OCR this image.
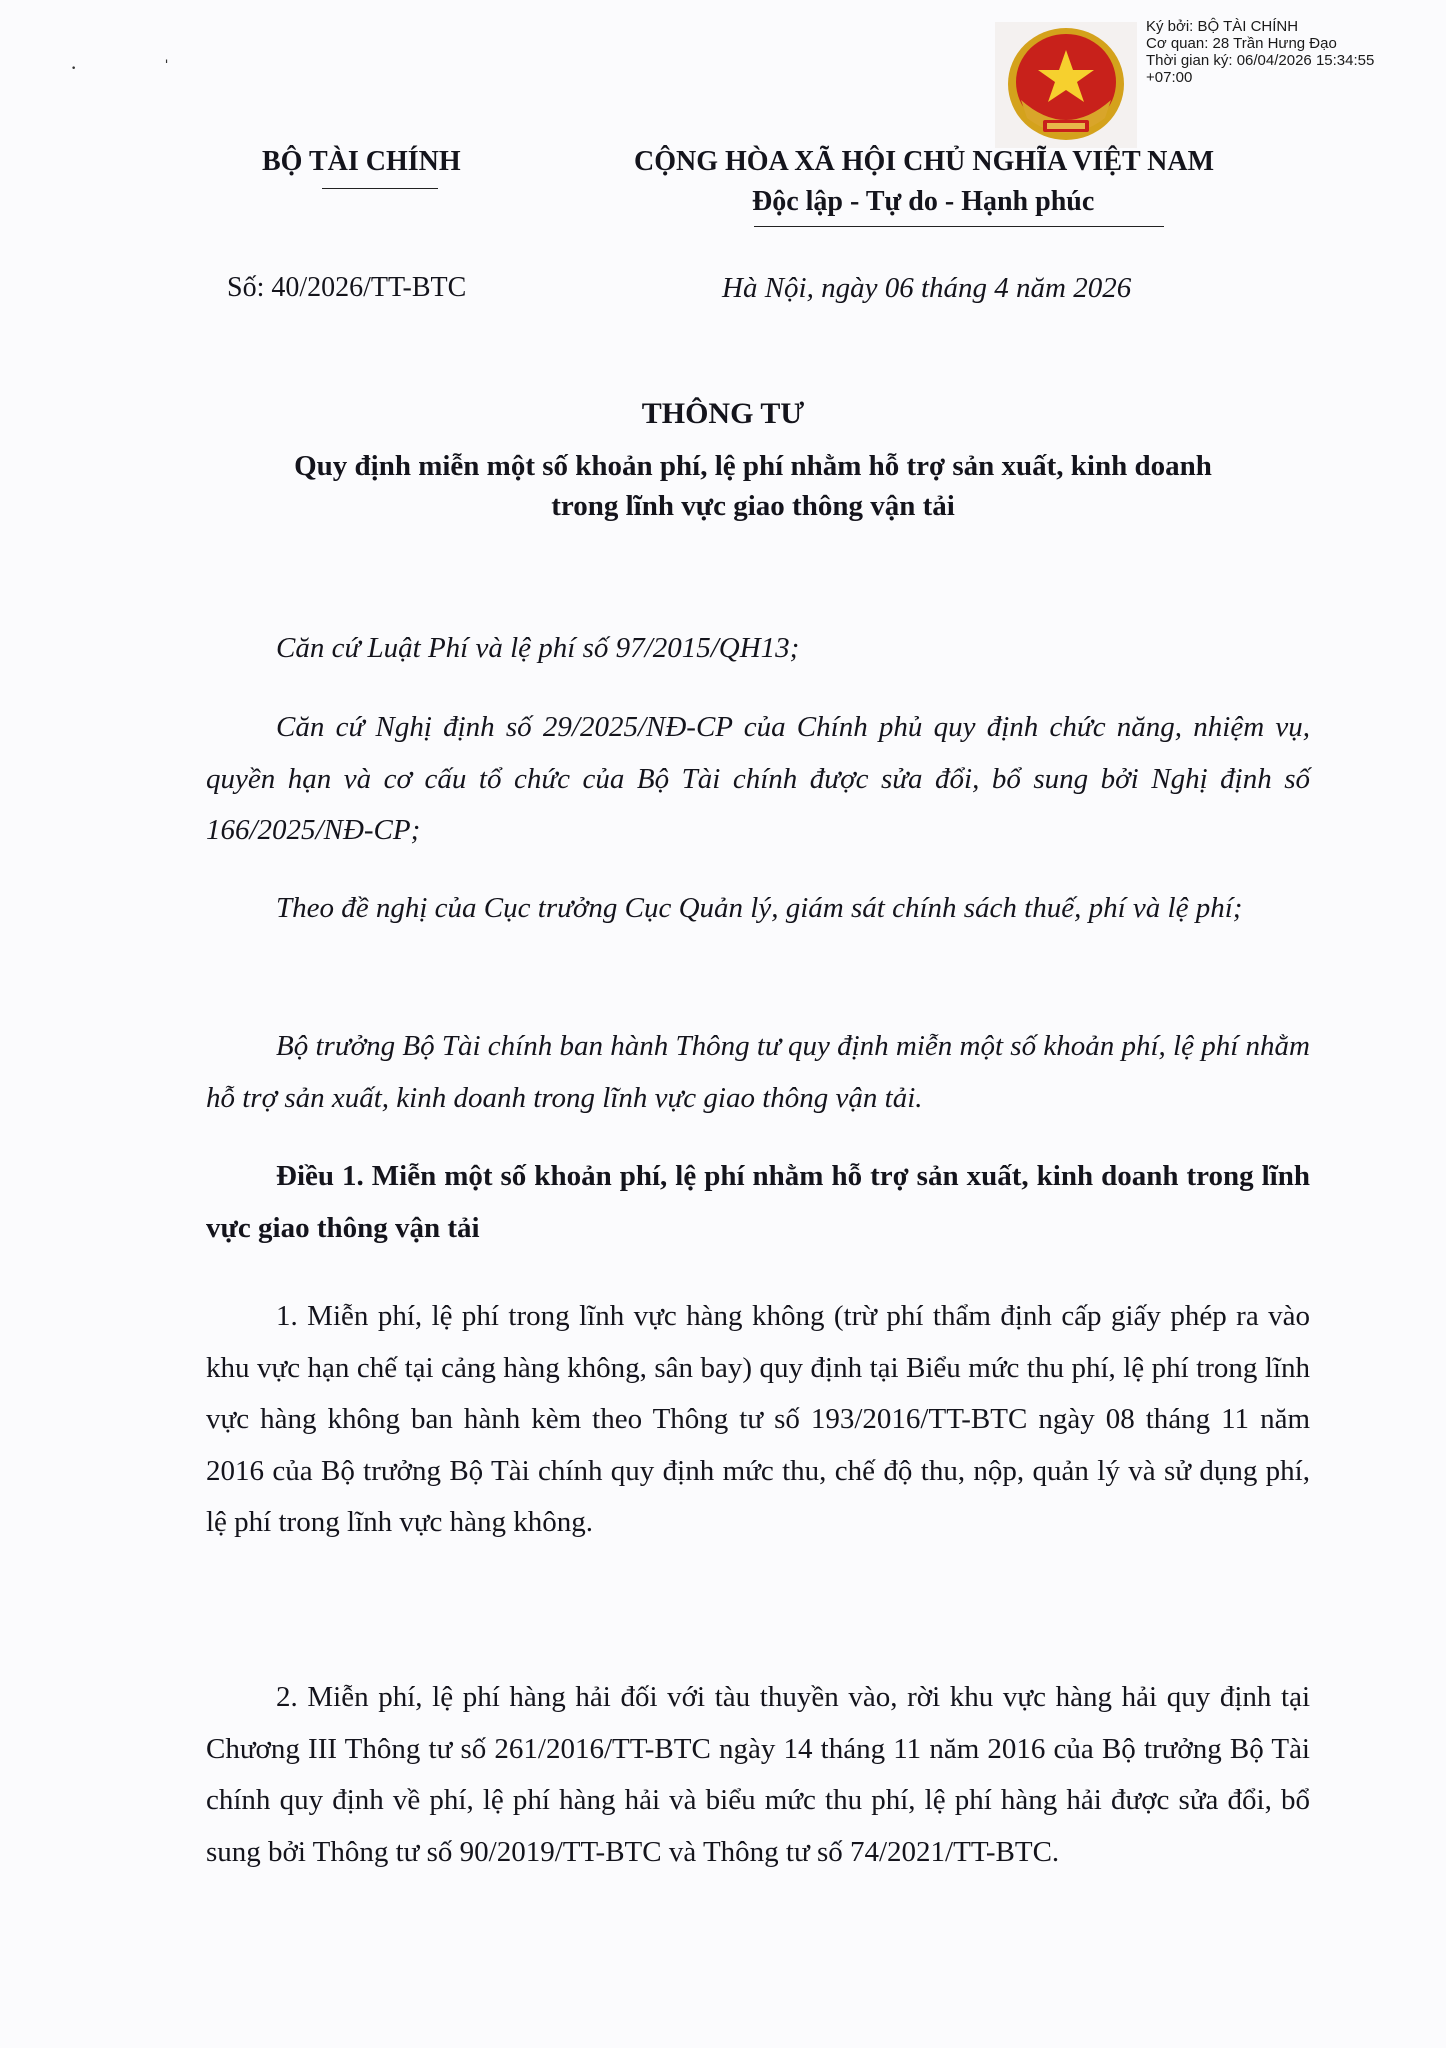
· ˈ
Ký bởi: BỘ TÀI CHÍNH
Cơ quan: 28 Trần Hưng Đạo
Thời gian ký: 06/04/2026 15:34:55
+07:00
BỘ TÀI CHÍNH	CỘNG HÒA XÃ HỘI CHỦ NGHĨA VIỆT NAM
Độc lập - Tự do - Hạnh phúc
Số: 40/2026/TT-BTC	Hà Nội, ngày 06 tháng 4 năm 2026
THÔNG TƯ
Quy định miễn một số khoản phí, lệ phí nhằm hỗ trợ sản xuất, kinh doanh
trong lĩnh vực giao thông vận tải
Căn cứ Luật Phí và lệ phí số 97/2015/QH13;
Căn cứ Nghị định số 29/2025/NĐ-CP của Chính phủ quy định chức năng, nhiệm vụ, quyền hạn và cơ cấu tổ chức của Bộ Tài chính được sửa đổi, bổ sung bởi Nghị định số 166/2025/NĐ-CP;
Theo đề nghị của Cục trưởng Cục Quản lý, giám sát chính sách thuế, phí và lệ phí;
Bộ trưởng Bộ Tài chính ban hành Thông tư quy định miễn một số khoản phí, lệ phí nhằm hỗ trợ sản xuất, kinh doanh trong lĩnh vực giao thông vận tải.
Điều 1. Miễn một số khoản phí, lệ phí nhằm hỗ trợ sản xuất, kinh doanh trong lĩnh vực giao thông vận tải
1. Miễn phí, lệ phí trong lĩnh vực hàng không (trừ phí thẩm định cấp giấy phép ra vào khu vực hạn chế tại cảng hàng không, sân bay) quy định tại Biểu mức thu phí, lệ phí trong lĩnh vực hàng không ban hành kèm theo Thông tư số 193/2016/TT-BTC ngày 08 tháng 11 năm 2016 của Bộ trưởng Bộ Tài chính quy định mức thu, chế độ thu, nộp, quản lý và sử dụng phí, lệ phí trong lĩnh vực hàng không.
2. Miễn phí, lệ phí hàng hải đối với tàu thuyền vào, rời khu vực hàng hải quy định tại Chương III Thông tư số 261/2016/TT-BTC ngày 14 tháng 11 năm 2016 của Bộ trưởng Bộ Tài chính quy định về phí, lệ phí hàng hải và biểu mức thu phí, lệ phí hàng hải được sửa đổi, bổ sung bởi Thông tư số 90/2019/TT-BTC và Thông tư số 74/2021/TT-BTC.
